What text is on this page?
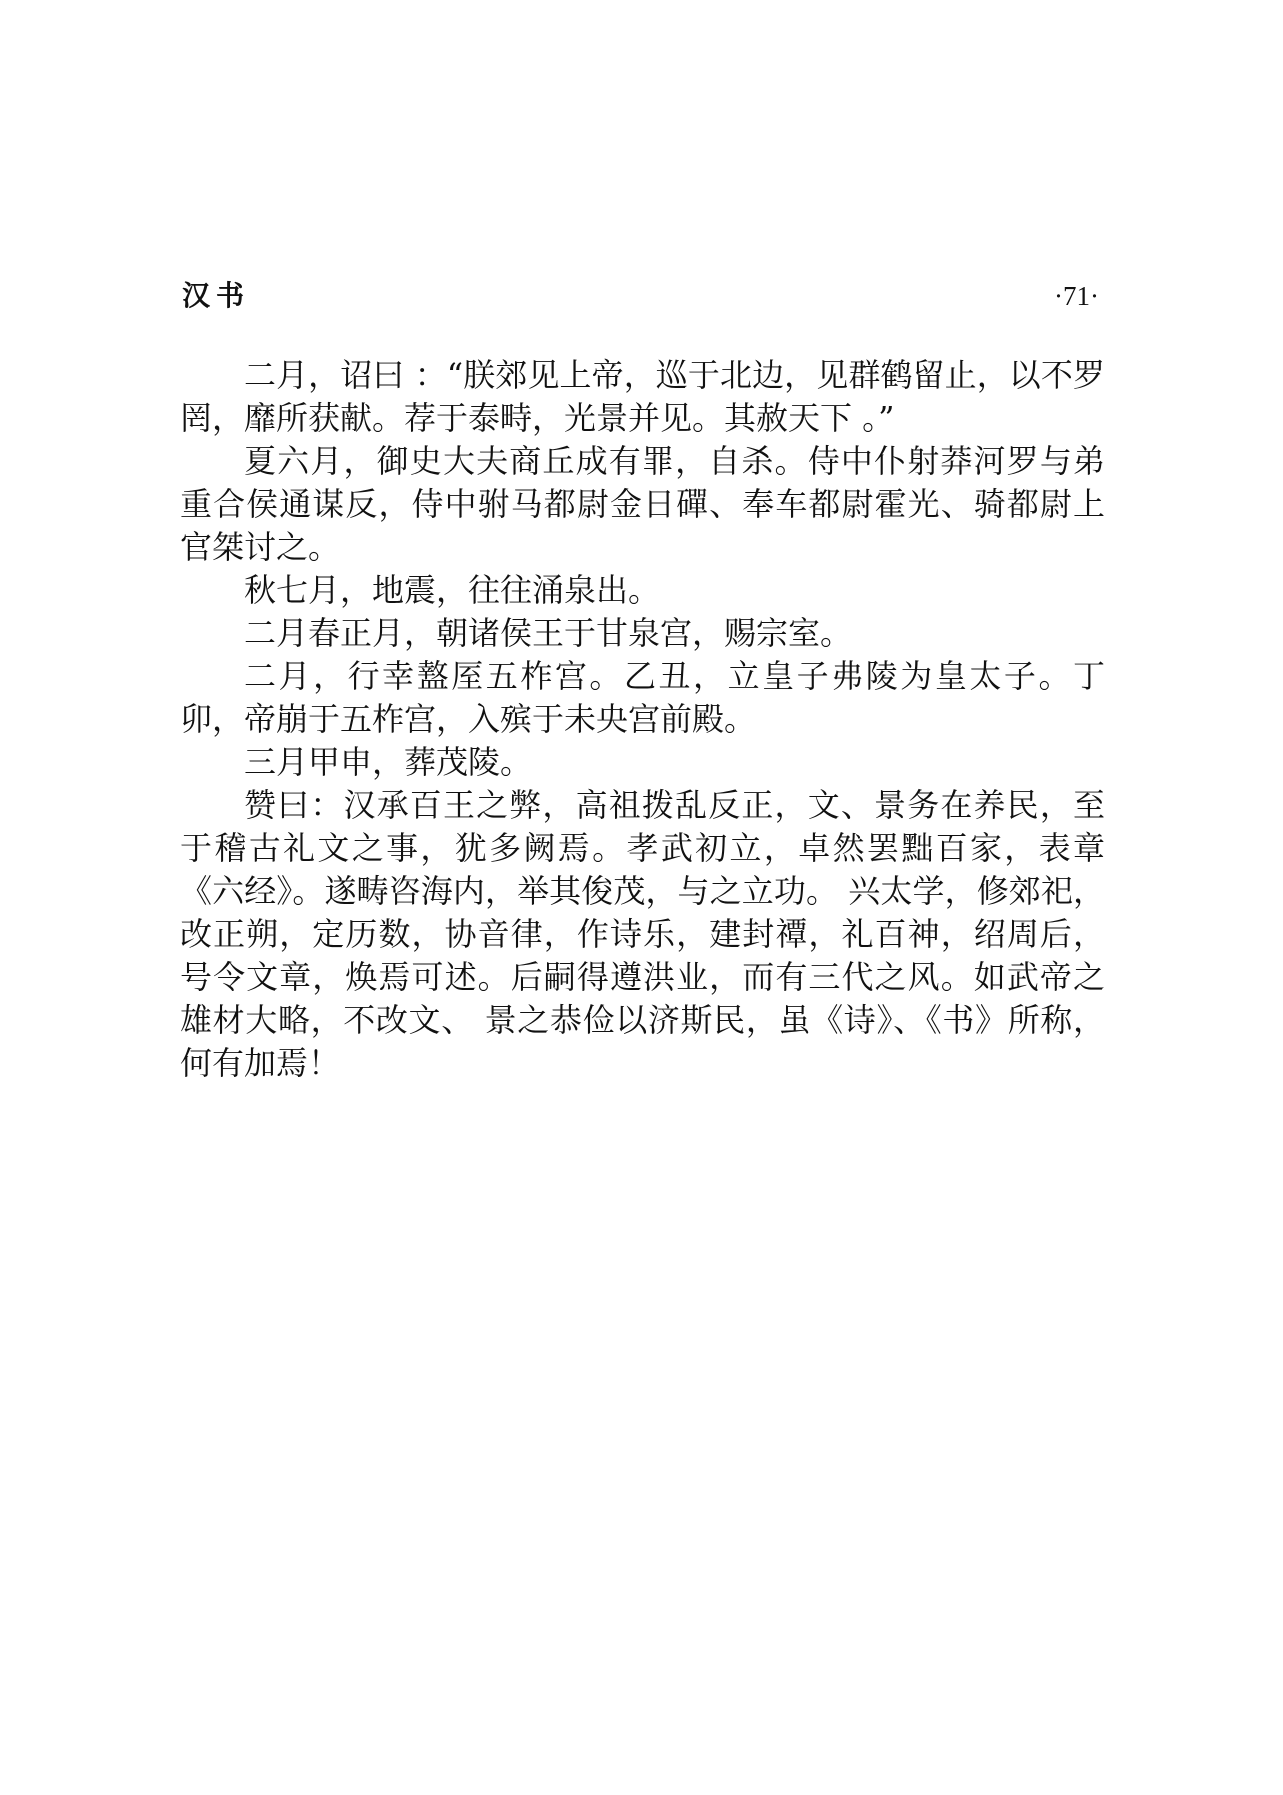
汉书	·71·

二月，诏曰 ：“朕郊见上帝，巡于北边，见群鹤留止，以不罗罔，靡所获献。荐于泰畤，光景并见。其赦天下 。”

夏六月，御史大夫商丘成有罪，自杀。侍中仆射莽河罗与弟重合侯通谋反，侍中驸马都尉金日磾、奉车都尉霍光、骑都尉上官桀讨之。

秋七月，地震，往往涌泉出。

二月春正月，朝诸侯王于甘泉宫，赐宗室。

二月，行幸盩厔五柞宫。乙丑，立皇子弗陵为皇太子。丁卯，帝崩于五柞宫，入殡于未央宫前殿。

三月甲申，葬茂陵。

赞曰：汉承百王之弊，高祖拨乱反正，文、景务在养民，至于稽古礼文之事，犹多阙焉。孝武初立，卓然罢黜百家，表章《六经》。遂畴咨海内，举其俊茂，与之立功。 兴太学，修郊祀，改正朔，定历数，协音律，作诗乐，建封禫，礼百神，绍周后，号令文章，焕焉可述。后嗣得遵洪业，而有三代之风。如武帝之雄材大略，不改文、 景之恭俭以济斯民，虽《诗》、《书》所称，何有加焉！
